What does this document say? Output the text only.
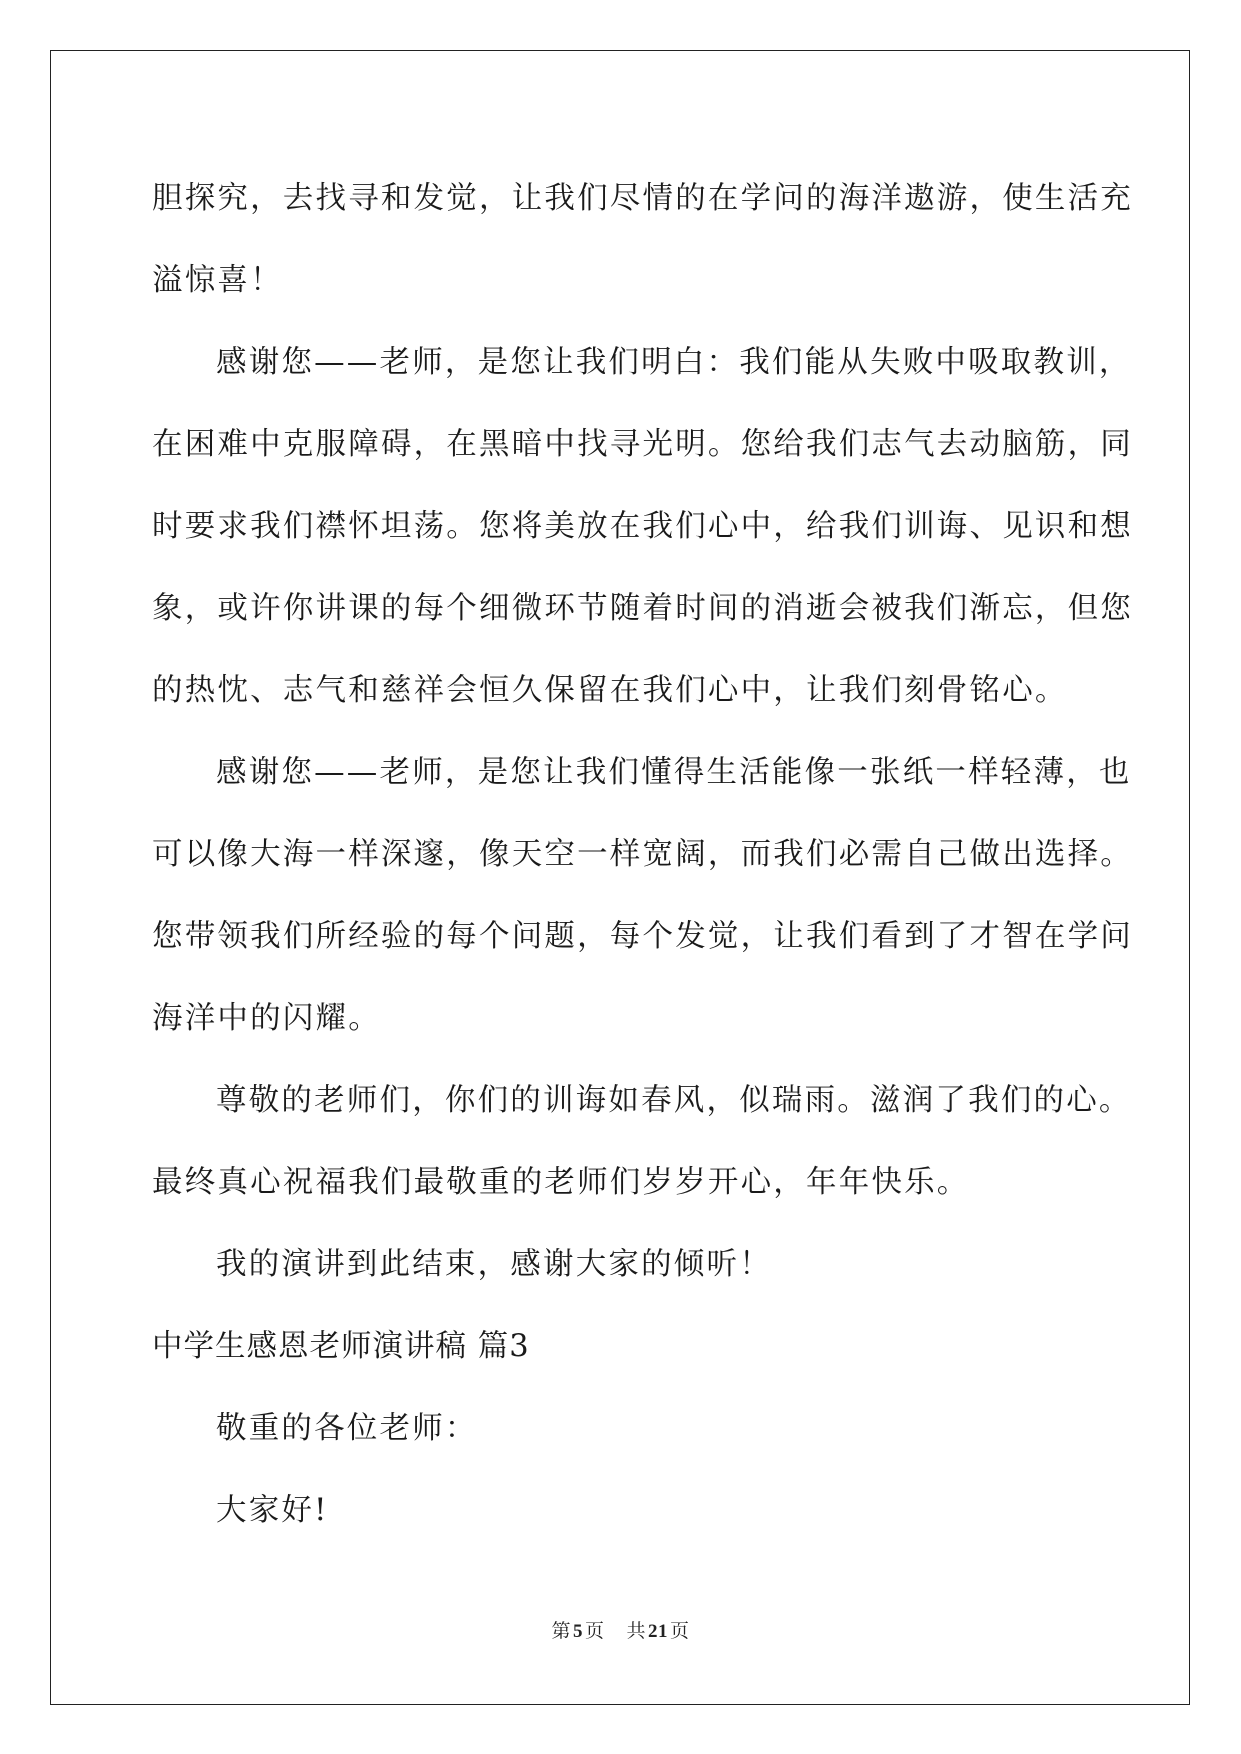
胆探究，去找寻和发觉，让我们尽情的在学问的海洋遨游，使生活充
溢惊喜！
感谢您——老师，是您让我们明白：我们能从失败中吸取教训，
在困难中克服障碍，在黑暗中找寻光明。您给我们志气去动脑筋，同
时要求我们襟怀坦荡。您将美放在我们心中，给我们训诲、见识和想
象，或许你讲课的每个细微环节随着时间的消逝会被我们渐忘，但您
的热忱、志气和慈祥会恒久保留在我们心中，让我们刻骨铭心。
感谢您——老师，是您让我们懂得生活能像一张纸一样轻薄，也
可以像大海一样深邃，像天空一样宽阔，而我们必需自己做出选择。
您带领我们所经验的每个问题，每个发觉，让我们看到了才智在学问
海洋中的闪耀。
尊敬的老师们，你们的训诲如春风，似瑞雨。滋润了我们的心。
最终真心祝福我们最敬重的老师们岁岁开心，年年快乐。
我的演讲到此结束，感谢大家的倾听！
中学生感恩老师演讲稿 篇3
敬重的各位老师：
大家好!
第 5 页 共 21 页
